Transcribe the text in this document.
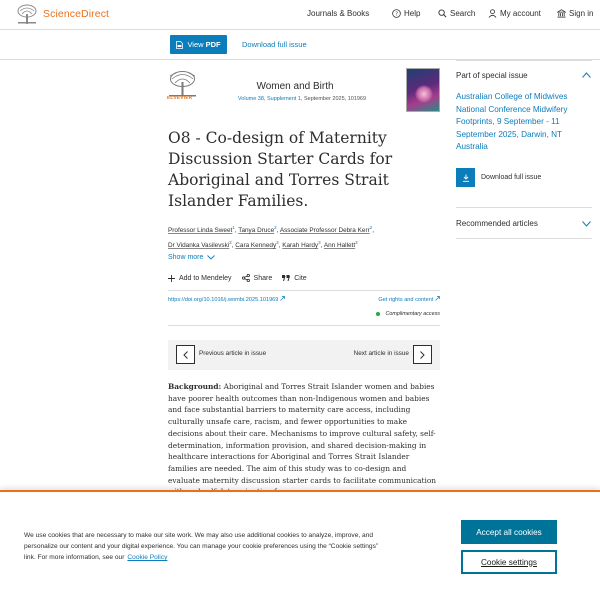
ScienceDirect	Journals & Books	? Help	Search	My account	Sign in
View PDF	Download full issue
ELSEVIER
Women and Birth
Volume 38, Supplement 1, September 2025, 101969
O8 - Co-design of Maternity Discussion Starter Cards for Aboriginal and Torres Strait Islander Families.
Professor Linda Sweet$^1$, Tanya Druce$^2$, Associate Professor Debra Kerr$^2$,
Dr Vidanka Vasilevski$^2$, Cara Kennedy$^3$, Karah Hardy$^3$, Ann Hallett$^3$
Show more
Add to Mendeley	Share	Cite
https://doi.org/10.1016/j.wombi.2025.101969	Get rights and content
Complimentary access
Previous article in issue	Next article in issue
Background: Aboriginal and Torres Strait Islander women and babies have poorer health outcomes than non-Indigenous women and babies and face substantial barriers to maternity care access, including culturally unsafe care, racism, and fewer opportunities to make decisions about their care. Mechanisms to improve cultural safety, self-determination, information provision, and shared decision-making in healthcare interactions for Aboriginal and Torres Strait Islander families are needed. The aim of this study was to co-design and evaluate maternity discussion starter cards to facilitate communication
Part of special issue
Australian College of Midwives National Conference Midwifery Footprints, 9 September - 11 September 2025, Darwin, NT Australia
Download full issue
Recommended articles
We use cookies that are necessary to make our site work. We may also use additional cookies to analyze, improve, and personalize our content and your digital experience. You can manage your cookie preferences using the “Cookie settings” link. For more information, see our Cookie Policy
Accept all cookies
Cookie settings
